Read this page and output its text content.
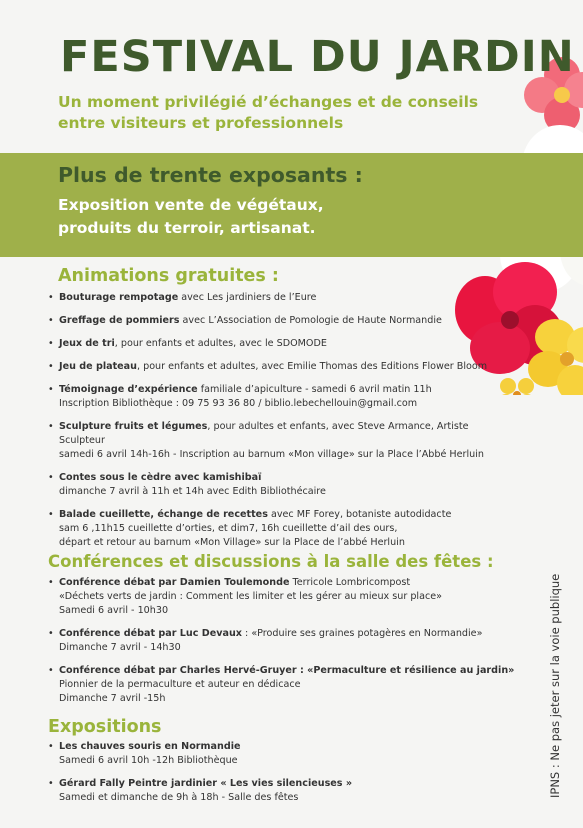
FESTIVAL DU JARDIN
Un moment privilégié d’échanges et de conseils entre visiteurs et professionnels
Plus de trente exposants :
Exposition vente de végétaux, produits du terroir, artisanat.
Animations gratuites :
• Bouturage rempotage avec Les jardiniers de l’Eure
• Greffage de pommiers avec L’Association de Pomologie de Haute Normandie
• Jeux de tri, pour enfants et adultes, avec le SDOMODE
• Jeu de plateau, pour enfants et adultes, avec Emilie Thomas des Editions Flower Bloom
• Témoignage d’expérience familiale d’apiculture - samedi 6 avril matin 11h
Inscription Bibliothèque : 09 75 93 36 80 / biblio.lebechellouin@gmail.com
• Sculpture fruits et légumes, pour adultes et enfants, avec Steve Armance, Artiste Sculpteur
samedi 6 avril 14h-16h - Inscription au barnum «Mon village» sur la Place l’Abbé Herluin
• Contes sous le cèdre avec kamishibaï
dimanche 7 avril à 11h et 14h avec Edith Bibliothécaire
• Balade cueillette, échange de recettes avec MF Forey, botaniste autodidacte
sam 6 ,11h15 cueillette d’orties, et dim7, 16h cueillette d’ail des ours,
départ et retour au barnum «Mon Village» sur la Place de l’abbé Herluin
Conférences et discussions à la salle des fêtes :
• Conférence débat par Damien Toulemonde Terricole Lombricompost
«Déchets verts de jardin : Comment les limiter et les gérer au mieux sur place»
Samedi 6 avril - 10h30
• Conférence débat par Luc Devaux : «Produire ses graines potagères en Normandie»
Dimanche 7 avril - 14h30
• Conférence débat par Charles Hervé-Gruyer : «Permaculture et résilience au jardin»
Pionnier de la permaculture et auteur en dédicace
Dimanche 7 avril -15h
Expositions
• Les chauves souris en Normandie
Samedi 6 avril 10h -12h Bibliothèque
• Gérard Fally Peintre jardinier « Les vies silencieuses »
Samedi et dimanche de 9h à 18h - Salle des fêtes	IPNS : Ne pas jeter sur la voie publique
